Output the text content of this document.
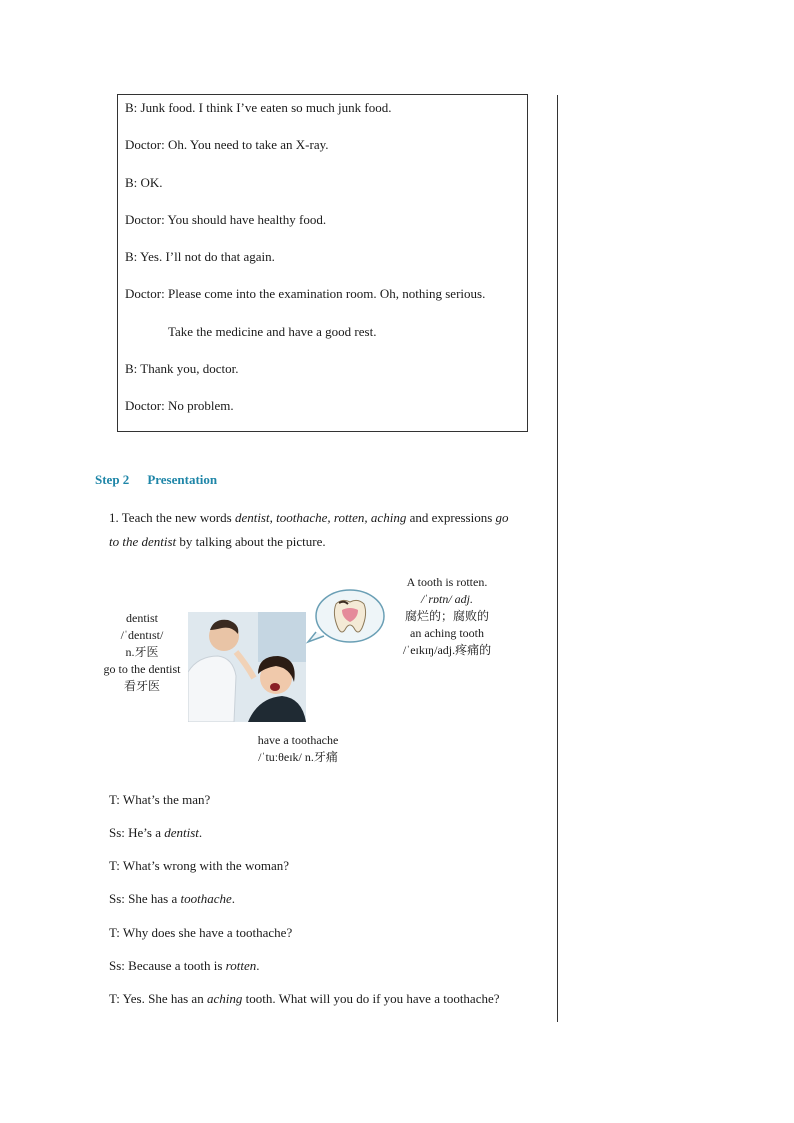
B: Junk food. I think I’ve eaten so much junk food.
Doctor: Oh. You need to take an X-ray.
B: OK.
Doctor: You should have healthy food.
B: Yes. I’ll not do that again.
Doctor: Please come into the examination room. Oh, nothing serious.
Take the medicine and have a good rest.
B: Thank you, doctor.
Doctor: No problem.
Step 2 Presentation
1. Teach the new words dentist, toothache, rotten, aching and expressions go
to the dentist by talking about the picture.
dentist
/ˈdentɪst/
n.牙医
go to the dentist
看牙医
A tooth is rotten.
/ˈrɒtn/ adj.
腐烂的；腐败的
an aching tooth
/ˈeɪkɪŋ/adj.疼痛的
have a toothache
/ˈtuːθeɪk/ n.牙痛
T: What’s the man?
Ss: He’s a dentist.
T: What’s wrong with the woman?
Ss: She has a toothache.
T: Why does she have a toothache?
Ss: Because a tooth is rotten.
T: Yes. She has an aching tooth. What will you do if you have a toothache?
